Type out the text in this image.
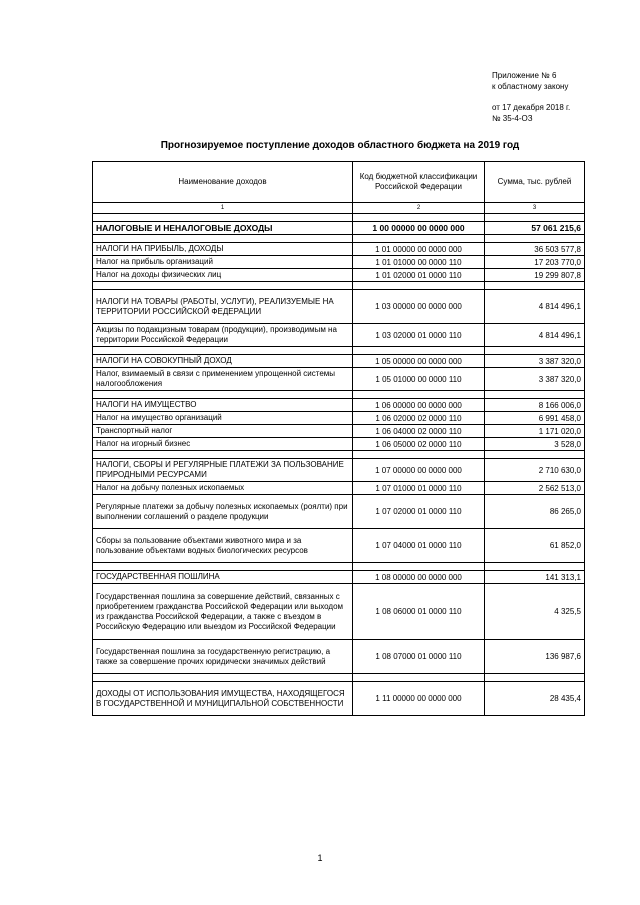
Приложение № 6
к областному закону
от 17 декабря 2018 г.
№ 35-4-ОЗ
Прогнозируемое поступление доходов областного бюджета на 2019 год
Наименование доходов	Код бюджетной классификации Российской Федерации	Сумма, тыс. рублей
1	2	3

НАЛОГОВЫЕ И НЕНАЛОГОВЫЕ ДОХОДЫ	1 00 00000 00 0000 000	57 061 215,6

НАЛОГИ НА ПРИБЫЛЬ, ДОХОДЫ	1 01 00000 00 0000 000	36 503 577,8
Налог на прибыль организаций	1 01 01000 00 0000 110	17 203 770,0
Налог на доходы физических лиц	1 01 02000 01 0000 110	19 299 807,8

НАЛОГИ НА ТОВАРЫ (РАБОТЫ, УСЛУГИ), РЕАЛИЗУЕМЫЕ НА ТЕРРИТОРИИ РОССИЙСКОЙ ФЕДЕРАЦИИ	1 03 00000 00 0000 000	4 814 496,1
Акцизы по подакцизным товарам (продукции), производимым на территории Российской Федерации	1 03 02000 01 0000 110	4 814 496,1

НАЛОГИ НА СОВОКУПНЫЙ ДОХОД	1 05 00000 00 0000 000	3 387 320,0
Налог, взимаемый в связи с применением упрощенной системы налогообложения	1 05 01000 00 0000 110	3 387 320,0

НАЛОГИ НА ИМУЩЕСТВО	1 06 00000 00 0000 000	8 166 006,0
Налог на имущество организаций	1 06 02000 02 0000 110	6 991 458,0
Транспортный налог	1 06 04000 02 0000 110	1 171 020,0
Налог на игорный бизнес	1 06 05000 02 0000 110	3 528,0

НАЛОГИ, СБОРЫ И РЕГУЛЯРНЫЕ ПЛАТЕЖИ ЗА ПОЛЬЗОВАНИЕ ПРИРОДНЫМИ РЕСУРСАМИ	1 07 00000 00 0000 000	2 710 630,0
Налог на добычу полезных ископаемых	1 07 01000 01 0000 110	2 562 513,0
Регулярные платежи за добычу полезных ископаемых (роялти) при выполнении соглашений о разделе продукции	1 07 02000 01 0000 110	86 265,0
Сборы за пользование объектами животного мира и за пользование объектами водных биологических ресурсов	1 07 04000 01 0000 110	61 852,0

ГОСУДАРСТВЕННАЯ ПОШЛИНА	1 08 00000 00 0000 000	141 313,1
Государственная пошлина за совершение действий, связанных с приобретением гражданства Российской Федерации или выходом из гражданства Российской Федерации, а также с въездом в Российскую Федерацию или выездом из Российской Федерации	1 08 06000 01 0000 110	4 325,5
Государственная пошлина за государственную регистрацию, а также за совершение прочих юридически значимых действий	1 08 07000 01 0000 110	136 987,6

ДОХОДЫ ОТ ИСПОЛЬЗОВАНИЯ ИМУЩЕСТВА, НАХОДЯЩЕГОСЯ В ГОСУДАРСТВЕННОЙ И МУНИЦИПАЛЬНОЙ СОБСТВЕННОСТИ	1 11 00000 00 0000 000	28 435,4
1
